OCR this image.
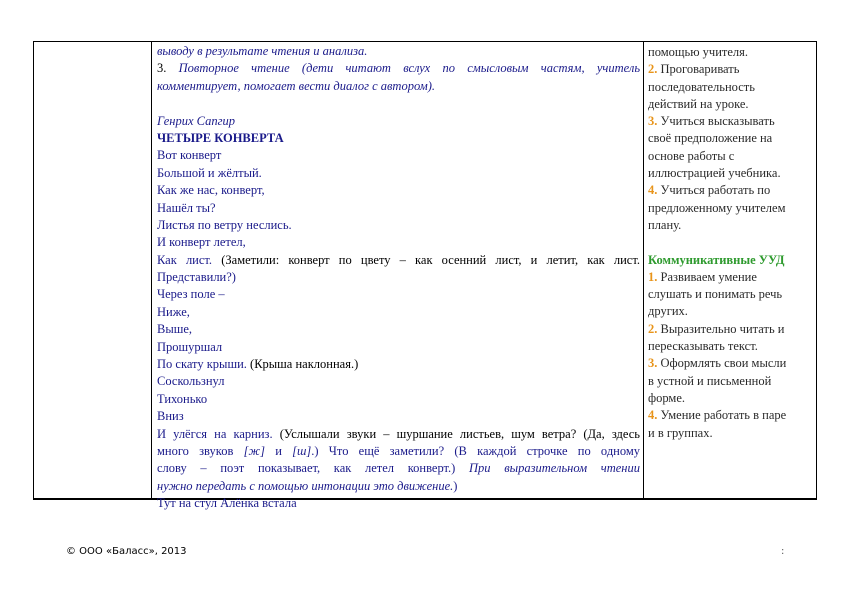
выводу в результате чтения и анализа.
3. Повторное чтение (дети читают вслух по смысловым частям, учитель
комментирует, помогает вести диалог с автором).
Генрих Сапгир
ЧЕТЫРЕ КОНВЕРТА
Вот конверт
Большой и жёлтый.
Как же нас, конверт,
Нашёл ты?
Листья по ветру неслись.
И конверт летел,
Как лист. (Заметили: конверт по цвету – как осенний лист, и летит, как лист.
Представили?)
Через поле –
Ниже,
Выше,
Прошуршал
По скату крыши. (Крыша наклонная.)
Соскользнул
Тихонько
Вниз
И улёгся на карниз. (Услышали звуки – шуршание листьев, шум ветра? (Да, здесь
много звуков [ж] и [ш].) Что ещё заметили? (В каждой строчке по одному
слову – поэт показывает, как летел конверт.) При выразительном чтении
нужно передать с помощью интонации это движение.)
Тут на стул Алёнка встала
помощью учителя.
2. Проговаривать
последовательность
действий на уроке.
3. Учиться высказывать
своё предположение на
основе работы с
иллюстрацией учебника.
4. Учиться работать по
предложенному учителем
плану.
Коммуникативные УУД
1. Развиваем умение
слушать и понимать речь
других.
2. Выразительно читать и
пересказывать текст.
3. Оформлять свои мысли
в устной и письменной
форме.
4. Умение работать в паре
и в группах.
© ООО «Баласс», 2013	:
